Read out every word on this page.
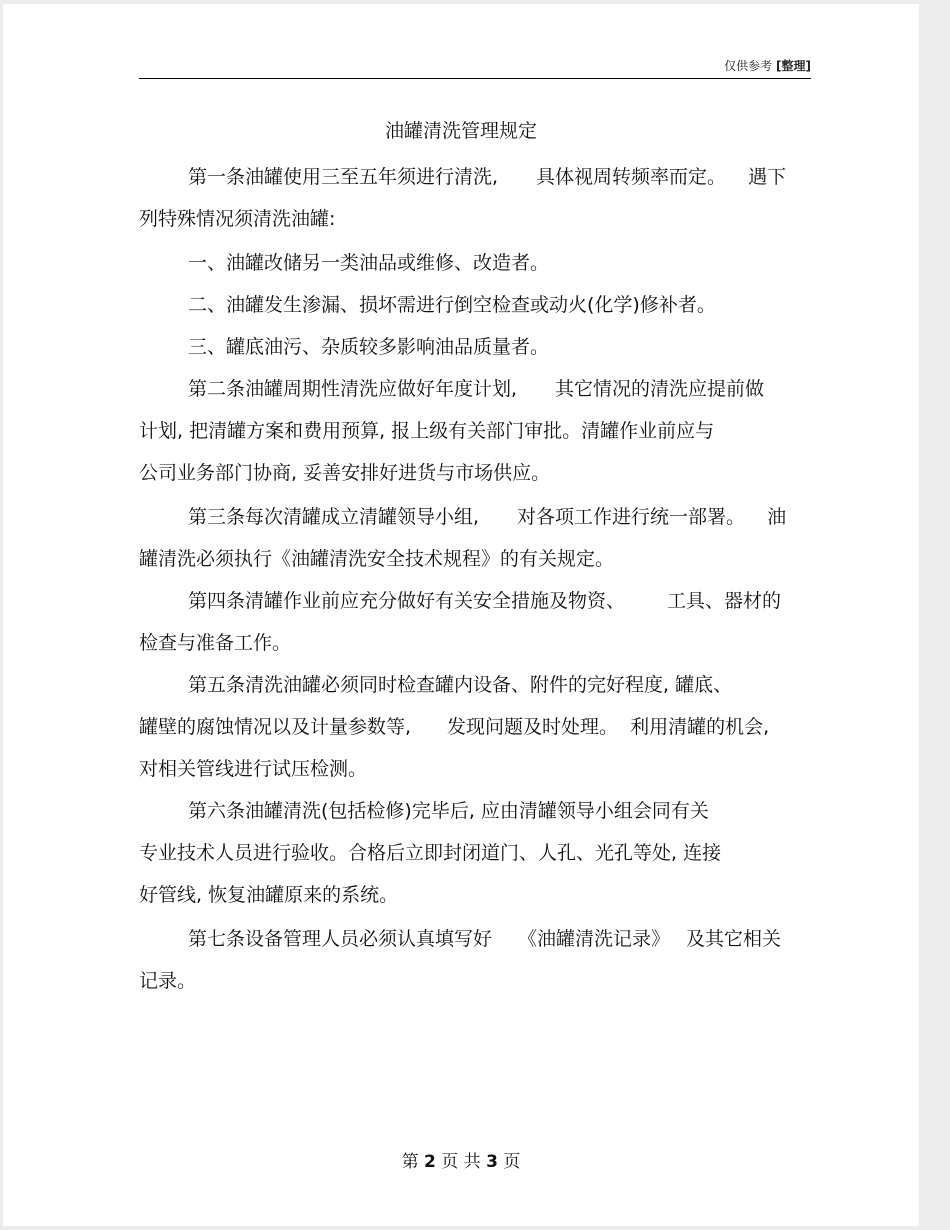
仅供参考 [整理]
油罐清洗管理规定
第一条油罐使用三至五年须进行清洗, 具体视周转频率而定。 遇下
列特殊情况须清洗油罐:
一、油罐改储另一类油品或维修、改造者。
二、油罐发生渗漏、损坏需进行倒空检查或动火(化学)修补者。
三、罐底油污、杂质较多影响油品质量者。
第二条油罐周期性清洗应做好年度计划, 其它情况的清洗应提前做
计划, 把清罐方案和费用预算, 报上级有关部门审批。清罐作业前应与
公司业务部门协商, 妥善安排好进货与市场供应。
第三条每次清罐成立清罐领导小组, 对各项工作进行统一部署。 油
罐清洗必须执行《油罐清洗安全技术规程》的有关规定。
第四条清罐作业前应充分做好有关安全措施及物资、 工具、器材的
检查与准备工作。
第五条清洗油罐必须同时检查罐内设备、附件的完好程度, 罐底、
罐壁的腐蚀情况以及计量参数等, 发现问题及时处理。 利用清罐的机会,
对相关管线进行试压检测。
第六条油罐清洗(包括检修)完毕后, 应由清罐领导小组会同有关
专业技术人员进行验收。合格后立即封闭道门、人孔、光孔等处, 连接
好管线, 恢复油罐原来的系统。
第七条设备管理人员必须认真填写好 《油罐清洗记录》 及其它相关
记录。
第 2 页 共 3 页
